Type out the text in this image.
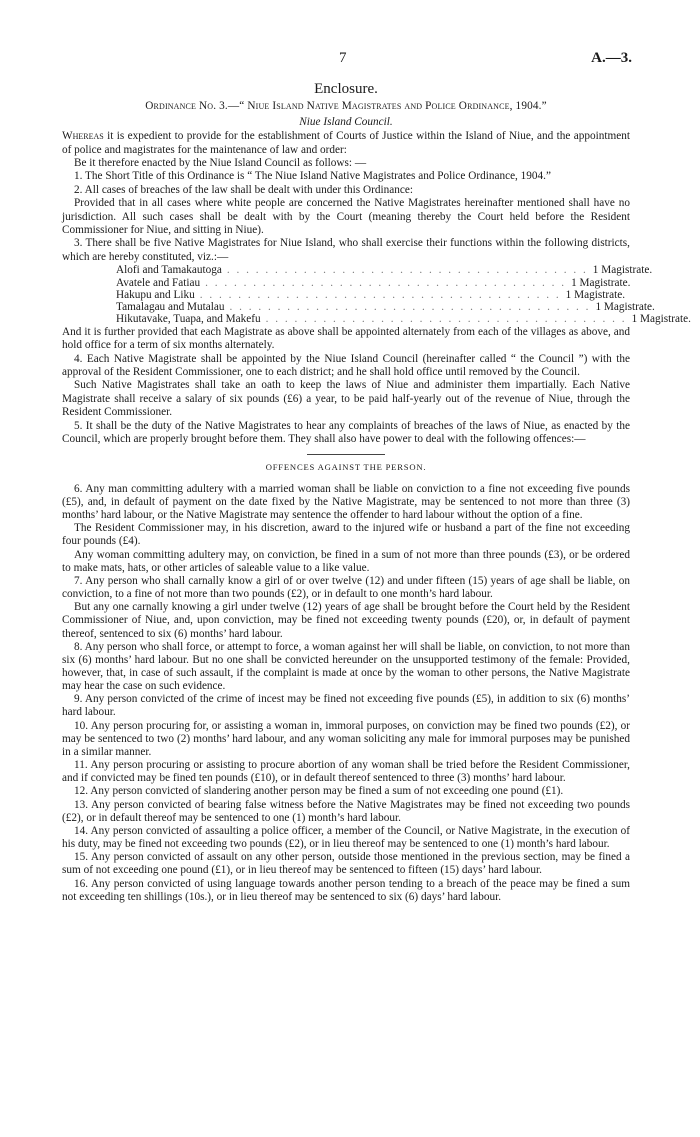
7	A.—3.
Enclosure.
Ordinance No. 3.—“ Niue Island Native Magistrates and Police Ordinance, 1904.”
Niue Island Council.

Whereas it is expedient to provide for the establishment of Courts of Justice within the Island of Niue, and the appointment of police and magistrates for the maintenance of law and order:

Be it therefore enacted by the Niue Island Council as follows: —

1. The Short Title of this Ordinance is “ The Niue Island Native Magistrates and Police Ordinance, 1904.”

2. All cases of breaches of the law shall be dealt with under this Ordinance:

Provided that in all cases where white people are concerned the Native Magistrates hereinafter mentioned shall have no jurisdiction. All such cases shall be dealt with by the Court (meaning thereby the Court held before the Resident Commissioner for Niue, and sitting in Niue).

3. There shall be five Native Magistrates for Niue Island, who shall exercise their functions within the following districts, which are hereby constituted, viz.:—

Alofi and Tamakautoga . . . . . . . . . . . . . . . . . . . . . . . . . . . . . . . . . . . . . . 1 Magistrate.
Avatele and Fatiau . . . . . . . . . . . . . . . . . . . . . . . . . . . . . . . . . . . . . . 1 Magistrate.
Hakupu and Liku . . . . . . . . . . . . . . . . . . . . . . . . . . . . . . . . . . . . . . 1 Magistrate.
Tamalagau and Mutalau . . . . . . . . . . . . . . . . . . . . . . . . . . . . . . . . . . . . . . 1 Magistrate.
Hikutavake, Tuapa, and Makefu . . . . . . . . . . . . . . . . . . . . . . . . . . . . . . . . . . . . . . 1 Magistrate.

And it is further provided that each Magistrate as above shall be appointed alternately from each of the villages as above, and hold office for a term of six months alternately.

4. Each Native Magistrate shall be appointed by the Niue Island Council (hereinafter called “ the Council ”) with the approval of the Resident Commissioner, one to each district; and he shall hold office until removed by the Council.

Such Native Magistrates shall take an oath to keep the laws of Niue and administer them impartially. Each Native Magistrate shall receive a salary of six pounds (£6) a year, to be paid half-yearly out of the revenue of Niue, through the Resident Commissioner.

5. It shall be the duty of the Native Magistrates to hear any complaints of breaches of the laws of Niue, as enacted by the Council, which are properly brought before them. They shall also have power to deal with the following offences:—

OFFENCES AGAINST THE PERSON.

6. Any man committing adultery with a married woman shall be liable on conviction to a fine not exceeding five pounds (£5), and, in default of payment on the date fixed by the Native Magistrate, may be sentenced to not more than three (3) months’ hard labour, or the Native Magistrate may sentence the offender to hard labour without the option of a fine.

The Resident Commissioner may, in his discretion, award to the injured wife or husband a part of the fine not exceeding four pounds (£4).

Any woman committing adultery may, on conviction, be fined in a sum of not more than three pounds (£3), or be ordered to make mats, hats, or other articles of saleable value to a like value.

7. Any person who shall carnally know a girl of or over twelve (12) and under fifteen (15) years of age shall be liable, on conviction, to a fine of not more than two pounds (£2), or in default to one month’s hard labour.

But any one carnally knowing a girl under twelve (12) years of age shall be brought before the Court held by the Resident Commissioner of Niue, and, upon conviction, may be fined not exceeding twenty pounds (£20), or, in default of payment thereof, sentenced to six (6) months’ hard labour.

8. Any person who shall force, or attempt to force, a woman against her will shall be liable, on conviction, to not more than six (6) months’ hard labour. But no one shall be convicted hereunder on the unsupported testimony of the female: Provided, however, that, in case of such assault, if the complaint is made at once by the woman to other persons, the Native Magistrate may hear the case on such evidence.

9. Any person convicted of the crime of incest may be fined not exceeding five pounds (£5), in addition to six (6) months’ hard labour.

10. Any person procuring for, or assisting a woman in, immoral purposes, on conviction may be fined two pounds (£2), or may be sentenced to two (2) months’ hard labour, and any woman soliciting any male for immoral purposes may be punished in a similar manner.

11. Any person procuring or assisting to procure abortion of any woman shall be tried before the Resident Commissioner, and if convicted may be fined ten pounds (£10), or in default thereof sentenced to three (3) months’ hard labour.

12. Any person convicted of slandering another person may be fined a sum of not exceeding one pound (£1).

13. Any person convicted of bearing false witness before the Native Magistrates may be fined not exceeding two pounds (£2), or in default thereof may be sentenced to one (1) month’s hard labour.

14. Any person convicted of assaulting a police officer, a member of the Council, or Native Magistrate, in the execution of his duty, may be fined not exceeding two pounds (£2), or in lieu thereof may be sentenced to one (1) month’s hard labour.

15. Any person convicted of assault on any other person, outside those mentioned in the previous section, may be fined a sum of not exceeding one pound (£1), or in lieu thereof may be sentenced to fifteen (15) days’ hard labour.

16. Any person convicted of using language towards another person tending to a breach of the peace may be fined a sum not exceeding ten shillings (10s.), or in lieu thereof may be sentenced to six (6) days’ hard labour.
